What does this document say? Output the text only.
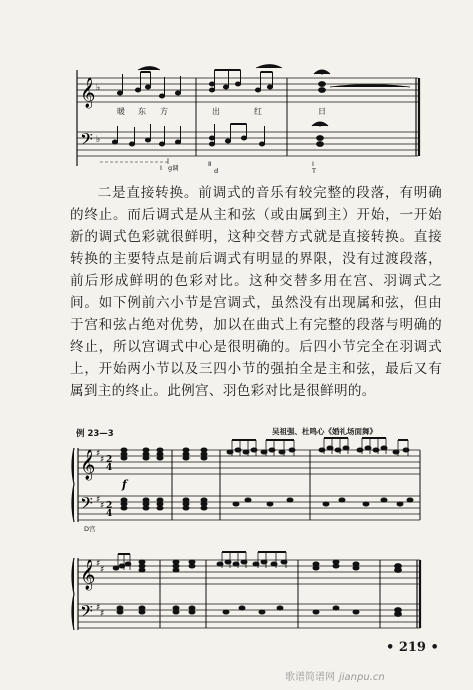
𝄞
𝄢
♭
♭
暖 东 方	出	红	日
I g调	Ⅱ
d
I
T

二是直接转换。前调式的音乐有较完整的段落，有明确的终止。而后调式是从主和弦（或由属到主）开始，一开始新的调式色彩就很鲜明，这种交替方式就是直接转换。直接转换的主要特点是前后调式有明显的界限，没有过渡段落，前后形成鲜明的色彩对比。这种交替多用在宫、羽调式之间。如下例前六小节是宫调式，虽然没有出现属和弦，但由于宫和弦占绝对优势，加以在曲式上有完整的段落与明确的终止，所以宫调式中心是很明确的。后四小节完全在羽调式上，开始两小节以及三四小节的强拍全是主和弦，最后又有属到主的终止。此例宫、羽色彩对比是很鲜明的。

例 23—3	吴祖强、杜鸣心《婚礼场面舞》
𝄞
𝄢
♯
♯
♯
♯
2
4
2
4
f
D宫
𝄞
𝄢
♯
♯
♯
♯
• 219 •
歌谱简谱网 jianpu.cn
